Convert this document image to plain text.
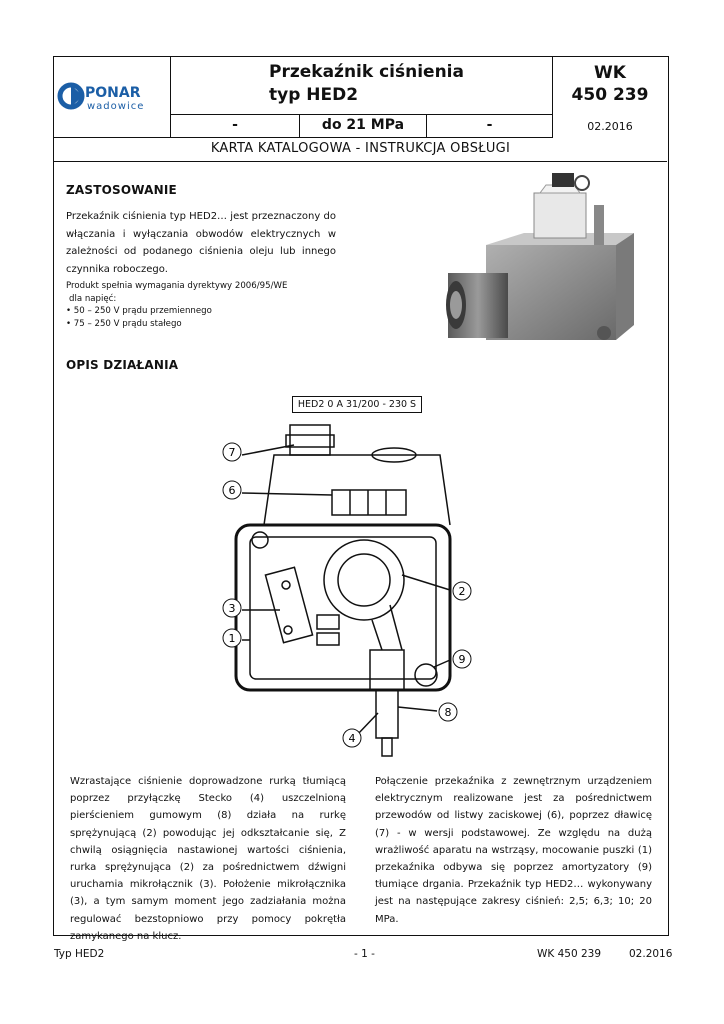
PONAR
wadowice
Przekaźnik ciśnienia
typ HED2
WK
450 239
-	do 21 MPa	-	02.2016
KARTA KATALOGOWA - INSTRUKCJA OBSŁUGI
ZASTOSOWANIE
Przekaźnik ciśnienia typ HED2… jest przeznaczony do włączania i wyłączania obwodów elektrycznych w zależności od podanego ciśnienia oleju lub innego czynnika roboczego.
Produkt spełnia wymagania dyrektywy 2006/95/WE
dla napięć:
• 50 – 250 V prądu przemiennego
• 75 – 250 V prądu stałego
OPIS DZIAŁANIA
HED2 0 A 31/200 - 230 S
7
6
3
1
2
9
8
4
Wzrastające ciśnienie doprowadzone rurką tłumiącą poprzez przyłączkę Stecko (4) uszczelnioną pierścieniem gumowym (8) działa na rurkę sprężynującą (2) powodując jej odkształcanie się, Z chwilą osiągnięcia nastawionej wartości ciśnienia, rurka sprężynująca (2) za pośrednictwem dźwigni uruchamia mikrołącznik (3). Położenie mikrołącznika (3), a tym samym moment jego zadziałania można regulować bezstopniowo przy pomocy pokrętła zamykanego na klucz.
Połączenie przekaźnika z zewnętrznym urządzeniem elektrycznym realizowane jest za pośrednictwem przewodów od listwy zaciskowej (6), poprzez dławicę (7) - w wersji podstawowej. Ze względu na dużą wrażliwość aparatu na wstrząsy, mocowanie puszki (1) przekaźnika odbywa się poprzez amortyzatory (9) tłumiące drgania. Przekaźnik typ HED2… wykonywany jest na następujące zakresy ciśnień: 2,5; 6,3; 10; 20 MPa.
Typ HED2	- 1 -	WK 450 239	02.2016
